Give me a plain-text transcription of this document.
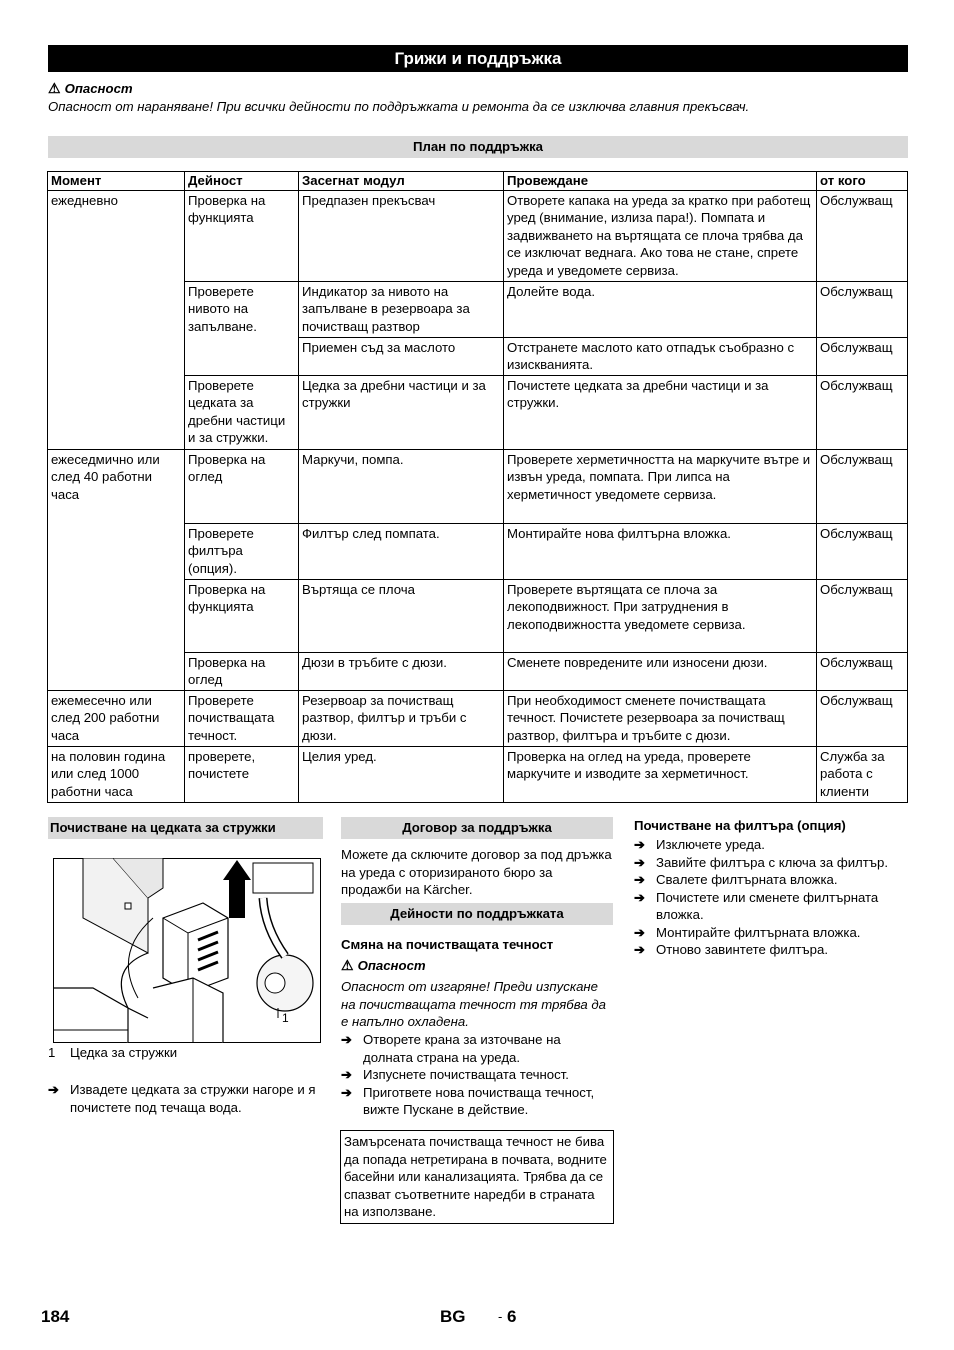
Грижи и поддръжка
⚠ Опасност
Опасност от нараняване! При всички дейности по поддръжката и ремонта да се изключва главния прекъсвач.
План по поддръжка
Момент	Дейност	Засегнат модул	Провеждане	от кого
ежедневно	Проверка на функцията	Предпазен прекъсвач	Отворете капака на уреда за кратко при работещ уред (внимание, излиза пара!). Помпата и задвижването на въртящата се плоча трябва да се изключат веднага. Ако това не стане, спрете уреда и уведомете сервиза.	Обслужващ
	Проверете нивото на запълване.	Индикатор за нивото на запълване в резервоара за почистващ разтвор	Долейте вода.	Обслужващ
		Приемен съд за маслото	Отстранете маслото като отпадък съобразно с изискванията.	Обслужващ
	Проверете цедката за дребни частици и за стружки.	Цедка за дребни частици и за стружки	Почистете цедката за дребни частици и за стружки.	Обслужващ
ежеседмично или след 40 работни часа	Проверка на оглед	Маркучи, помпа.	Проверете херметичността на маркучите вътре и извън уреда, помпата. При липса на херметичност уведомете сервиза.	Обслужващ
	Проверете филтъра (опция).	Филтър след помпата.	Монтирайте нова филтърна вложка.	Обслужващ
	Проверка на функцията	Въртяща се плоча	Проверете въртящата се плоча за лекоподвижност. При затруднения в лекоподвижността уведомете сервиза.	Обслужващ
	Проверка на оглед	Дюзи в тръбите с дюзи.	Сменете повредените или износени дюзи.	Обслужващ
ежемесечно или след 200 работни часа	Проверете почистващата течност.	Резервоар за почистващ разтвор, филтър и тръби с дюзи.	При необходимост сменете почистващата течност. Почистете резервоара за почистващ разтвор, филтъра и тръбите с дюзи.	Обслужващ
на половин година или след 1000 работни часа	проверете, почистете	Целия уред.	Проверка на оглед на уреда, проверете маркучите и изводите за херметичност.	Служба за работа с клиенти
Почистване на цедката за стружки
1
1	Цедка за стружки
➔ Извадете цедката за стружки нагоре и я почистете под течаща вода.
Договор за поддръжка
Можете да сключите договор за под дръжка на уреда с оторизираното бюро за продажби на Kärcher.
Дейности по поддръжката
Смяна на почистващата течност
⚠ Опасност
Опасност от изгаряне! Преди изпускане на почистващата течност тя трябва да е напълно охладена.
➔ Отворете крана за източване на долната страна на уреда.
➔ Изпуснете почистващата течност.
➔ Пригответе нова почистваща течност, вижте Пускане в действие.
Замърсената почистваща течност не бива да попада нетретирана в почвата, водните басейни или канализацията. Трябва да се спазват съответните наредби в страната на използване.
Почистване на филтъра (опция)
➔ Изключете уреда.
➔ Завийте филтъра с ключа за филтър.
➔ Свалете филтърната вложка.
➔ Почистете или сменете филтърната вложка.
➔ Монтирайте филтърната вложка.
➔ Отново завинтете филтъра.
184	BG	- 6
